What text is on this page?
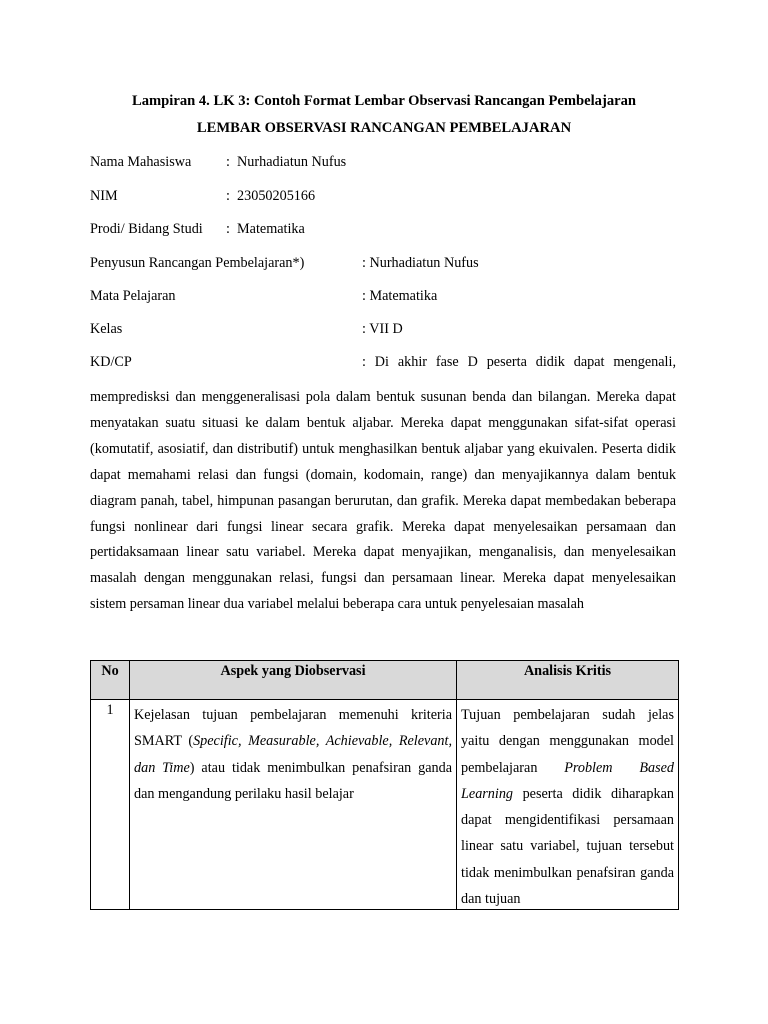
Lampiran 4. LK 3: Contoh Format Lembar Observasi Rancangan Pembelajaran
LEMBAR OBSERVASI RANCANGAN PEMBELAJARAN
Nama Mahasiswa : Nurhadiatun Nufus
NIM	: 23050205166
Prodi/ Bidang Studi : Matematika
Penyusun Rancangan Pembelajaran*)	: Nurhadiatun Nufus
Mata Pelajaran	: Matematika
Kelas	: VII D
KD/CP	: Di akhir fase D peserta didik dapat mengenali,
mempredisksi dan menggeneralisasi pola dalam bentuk susunan benda dan bilangan. Mereka dapat menyatakan suatu situasi ke dalam bentuk aljabar. Mereka dapat menggunakan sifat-sifat operasi (komutatif, asosiatif, dan distributif) untuk menghasilkan bentuk aljabar yang ekuivalen. Peserta didik dapat memahami relasi dan fungsi (domain, kodomain, range) dan menyajikannya dalam bentuk diagram panah, tabel, himpunan pasangan berurutan, dan grafik. Mereka dapat membedakan beberapa fungsi nonlinear dari fungsi linear secara grafik. Mereka dapat menyelesaikan persamaan dan pertidaksamaan linear satu variabel. Mereka dapat menyajikan, menganalisis, dan menyelesaikan masalah dengan menggunakan relasi, fungsi dan persamaan linear. Mereka dapat menyelesaikan sistem persaman linear dua variabel melalui beberapa cara untuk penyelesaian masalah
No	Aspek yang Diobservasi	Analisis Kritis
1	Kejelasan tujuan pembelajaran memenuhi kriteria SMART (Specific, Measurable, Achievable, Relevant, dan Time) atau tidak menimbulkan penafsiran ganda dan mengandung perilaku hasil belajar	Tujuan pembelajaran sudah jelas yaitu dengan menggunakan model pembelajaran Problem Based Learning peserta didik diharapkan dapat mengidentifikasi persamaan linear satu variabel, tujuan tersebut tidak menimbulkan penafsiran ganda dan tujuan
